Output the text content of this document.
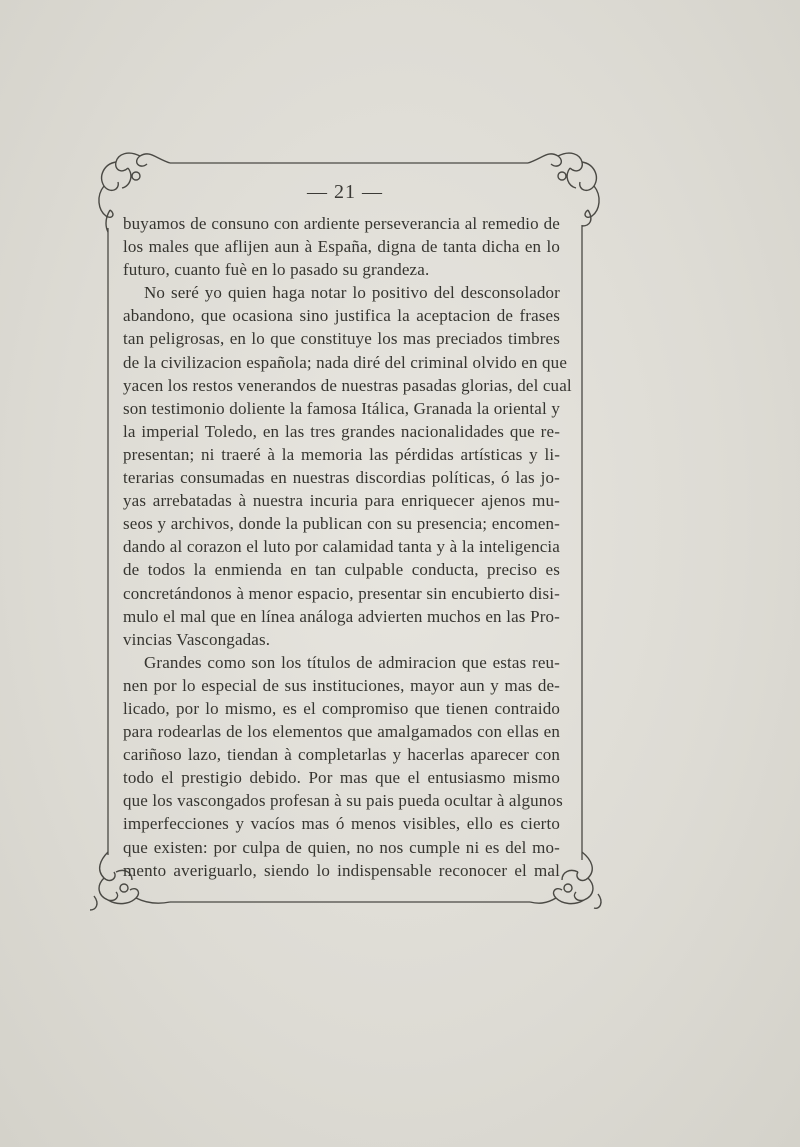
— 21 —
buyamos de consuno con ardiente perseverancia al remedio de
los males que aflijen aun à España, digna de tanta dicha en lo
futuro, cuanto fuè en lo pasado su grandeza.
No seré yo quien haga notar lo positivo del desconsolador
abandono, que ocasiona sino justifica la aceptacion de frases
tan peligrosas, en lo que constituye los mas preciados timbres
de la civilizacion española; nada diré del criminal olvido en que
yacen los restos venerandos de nuestras pasadas glorias, del cual
son testimonio doliente la famosa Itálica, Granada la oriental y
la imperial Toledo, en las tres grandes nacionalidades que re-
presentan; ni traeré à la memoria las pérdidas artísticas y li-
terarias consumadas en nuestras discordias políticas, ó las jo-
yas arrebatadas à nuestra incuria para enriquecer ajenos mu-
seos y archivos, donde la publican con su presencia; encomen-
dando al corazon el luto por calamidad tanta y à la inteligencia
de todos la enmienda en tan culpable conducta, preciso es
concretándonos à menor espacio, presentar sin encubierto disi-
mulo el mal que en línea análoga advierten muchos en las Pro-
vincias Vascongadas.
Grandes como son los títulos de admiracion que estas reu-
nen por lo especial de sus instituciones, mayor aun y mas de-
licado, por lo mismo, es el compromiso que tienen contraido
para rodearlas de los elementos que amalgamados con ellas en
cariñoso lazo, tiendan à completarlas y hacerlas aparecer con
todo el prestigio debido. Por mas que el entusiasmo mismo
que los vascongados profesan à su pais pueda ocultar à algunos
imperfecciones y vacíos mas ó menos visibles, ello es cierto
que existen: por culpa de quien, no nos cumple ni es del mo-
mento averiguarlo, siendo lo indispensable reconocer el mal
